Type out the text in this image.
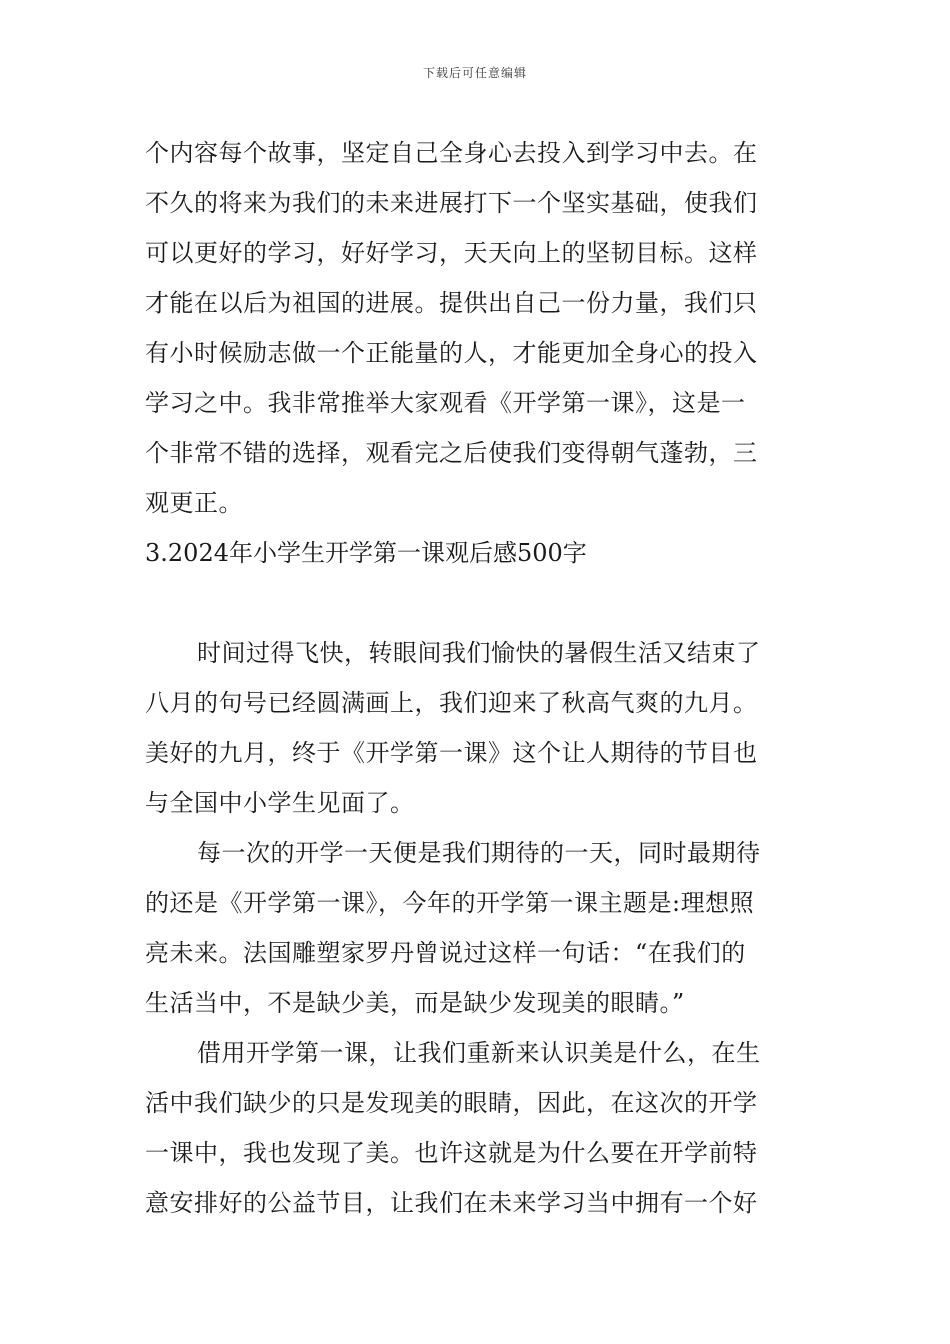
下载后可任意编辑
个内容每个故事，坚定自己全身心去投入到学习中去。在
不久的将来为我们的未来进展打下一个坚实基础，使我们
可以更好的学习，好好学习，天天向上的坚韧目标。这样
才能在以后为祖国的进展。提供出自己一份力量，我们只
有小时候励志做一个正能量的人，才能更加全身心的投入
学习之中。我非常推举大家观看《开学第一课》，这是一
个非常不错的选择，观看完之后使我们变得朝气蓬勃，三
观更正。
3.2024年小学生开学第一课观后感500字
时间过得飞快，转眼间我们愉快的暑假生活又结束了
八月的句号已经圆满画上，我们迎来了秋高气爽的九月。
美好的九月，终于《开学第一课》这个让人期待的节目也
与全国中小学生见面了。
每一次的开学一天便是我们期待的一天，同时最期待
的还是《开学第一课》，今年的开学第一课主题是:理想照
亮未来。法国雕塑家罗丹曾说过这样一句话：“在我们的
生活当中，不是缺少美，而是缺少发现美的眼睛。”
借用开学第一课，让我们重新来认识美是什么，在生
活中我们缺少的只是发现美的眼睛，因此，在这次的开学
一课中，我也发现了美。也许这就是为什么要在开学前特
意安排好的公益节目，让我们在未来学习当中拥有一个好
